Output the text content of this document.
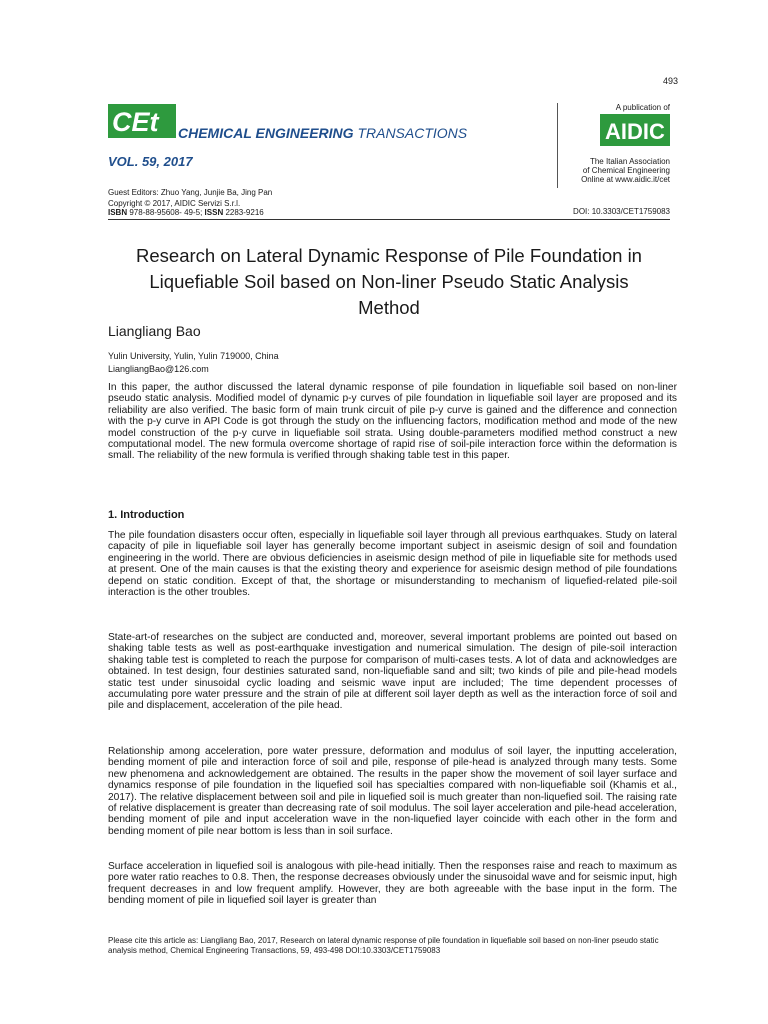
493
CEt CHEMICAL ENGINEERING TRANSACTIONS
VOL. 59, 2017
Guest Editors: Zhuo Yang, Junjie Ba, Jing Pan
Copyright © 2017, AIDIC Servizi S.r.l.
ISBN 978-88-95608- 49-5; ISSN 2283-9216
A publication of
AIDIC
The Italian Association
of Chemical Engineering
Online at www.aidic.it/cet
DOI: 10.3303/CET1759083
Research on Lateral Dynamic Response of Pile Foundation in
Liquefiable Soil based on Non-liner Pseudo Static Analysis
Method
Liangliang Bao
Yulin University, Yulin, Yulin 719000, China
LiangliangBao@126.com
In this paper, the author discussed the lateral dynamic response of pile foundation in liquefiable soil based on non-liner pseudo static analysis. Modified model of dynamic p-y curves of pile foundation in liquefiable soil layer are proposed and its reliability are also verified. The basic form of main trunk circuit of pile p-y curve is gained and the difference and connection with the p-y curve in API Code is got through the study on the influencing factors, modification method and mode of the new model construction of the p-y curve in liquefiable soil strata. Using double-parameters modified method construct a new computational model. The new formula overcome shortage of rapid rise of soil-pile interaction force within the deformation is small. The reliability of the new formula is verified through shaking table test in this paper.
1. Introduction
The pile foundation disasters occur often, especially in liquefiable soil layer through all previous earthquakes. Study on lateral capacity of pile in liquefiable soil layer has generally become important subject in aseismic design of soil and foundation engineering in the world. There are obvious deficiencies in aseismic design method of pile in liquefiable site for methods used at present. One of the main causes is that the existing theory and experience for aseismic design method of pile foundations depend on static condition. Except of that, the shortage or misunderstanding to mechanism of liquefied-related pile-soil interaction is the other troubles.
State-art-of researches on the subject are conducted and, moreover, several important problems are pointed out based on shaking table tests as well as post-earthquake investigation and numerical simulation. The design of pile-soil interaction shaking table test is completed to reach the purpose for comparison of multi-cases tests. A lot of data and acknowledges are obtained. In test design, four destinies saturated sand, non-liquefiable sand and silt; two kinds of pile and pile-head models static test under sinusoidal cyclic loading and seismic wave input are included; The time dependent processes of accumulating pore water pressure and the strain of pile at different soil layer depth as well as the interaction force of soil and pile and displacement, acceleration of the pile head.
Relationship among acceleration, pore water pressure, deformation and modulus of soil layer, the inputting acceleration, bending moment of pile and interaction force of soil and pile, response of pile-head is analyzed through many tests. Some new phenomena and acknowledgement are obtained. The results in the paper show the movement of soil layer surface and dynamics response of pile foundation in the liquefied soil has specialties compared with non-liquefiable soil (Khamis et al., 2017). The relative displacement between soil and pile in liquefied soil is much greater than non-liquefied soil. The raising rate of relative displacement is greater than decreasing rate of soil modulus. The soil layer acceleration and pile-head acceleration, bending moment of pile and input acceleration wave in the non-liquefied layer coincide with each other in the form and bending moment of pile near bottom is less than in soil surface.
Surface acceleration in liquefied soil is analogous with pile-head initially. Then the responses raise and reach to maximum as pore water ratio reaches to 0.8. Then, the response decreases obviously under the sinusoidal wave and for seismic input, high frequent decreases in and low frequent amplify. However, they are both agreeable with the base input in the form. The bending moment of pile in liquefied soil layer is greater than
Please cite this article as: Liangliang Bao, 2017, Research on lateral dynamic response of pile foundation in liquefiable soil based on non-liner pseudo static analysis method, Chemical Engineering Transactions, 59, 493-498 DOI:10.3303/CET1759083
